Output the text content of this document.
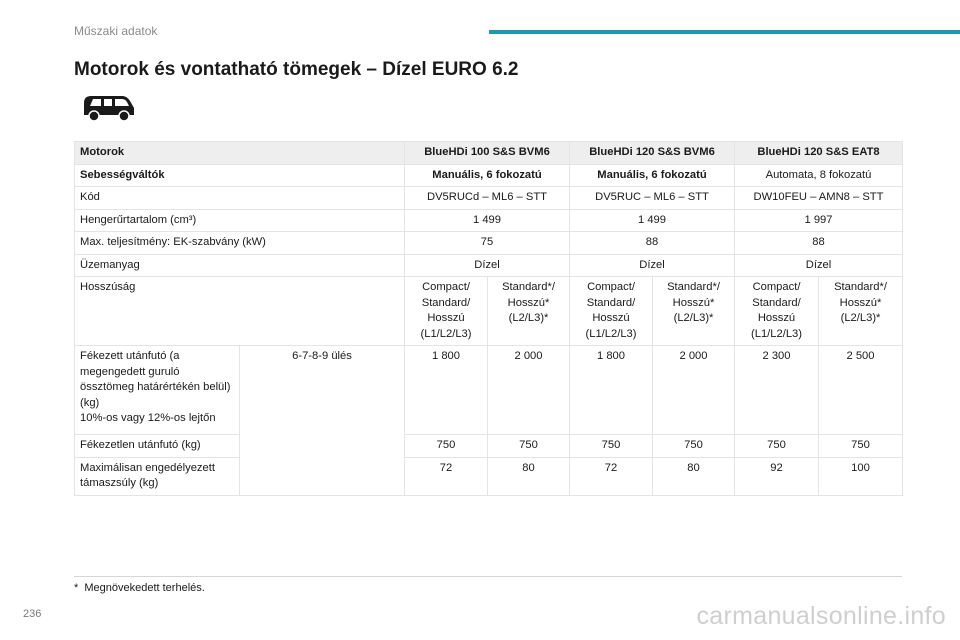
Műszaki adatok
Motorok és vontatható tömegek – Dízel EURO 6.2
Motorok		BlueHDi 100 S&S BVM6		BlueHDi 120 S&S BVM6		BlueHDi 120 S&S EAT8	
Sebességváltók		Manuális, 6 fokozatú		Manuális, 6 fokozatú		Automata, 8 fokozatú	
Kód		DV5RUCd – ML6 – STT		DV5RUC – ML6 – STT		DW10FEU – AMN8 – STT	
Hengerűrtartalom (cm³)		1 499		1 499		1 997	
Max. teljesítmény: EK-szabvány (kW)		75		88		88	
Üzemanyag		Dízel		Dízel		Dízel	
Hosszúság		Compact/
Standard/
Hosszú
(L1/L2/L3)	Standard*/
Hosszú*
(L2/L3)*	Compact/
Standard/
Hosszú
(L1/L2/L3)	Standard*/
Hosszú*
(L2/L3)*	Compact/
Standard/
Hosszú
(L1/L2/L3)	Standard*/
Hosszú*
(L2/L3)*
Fékezett utánfutó (a megengedett guruló össztömeg határértékén belül) (kg)
10%-os vagy 12%-os lejtőn	6-7-8-9 ülés	1 800	2 000	1 800	2 000	2 300	2 500
Fékezetlen utánfutó (kg)		750	750	750	750	750	750
Maximálisan engedélyezett támaszsúly (kg)		72	80	72	80	92	100
* Megnövekedett terhelés.
236	carmanualsonline.info
